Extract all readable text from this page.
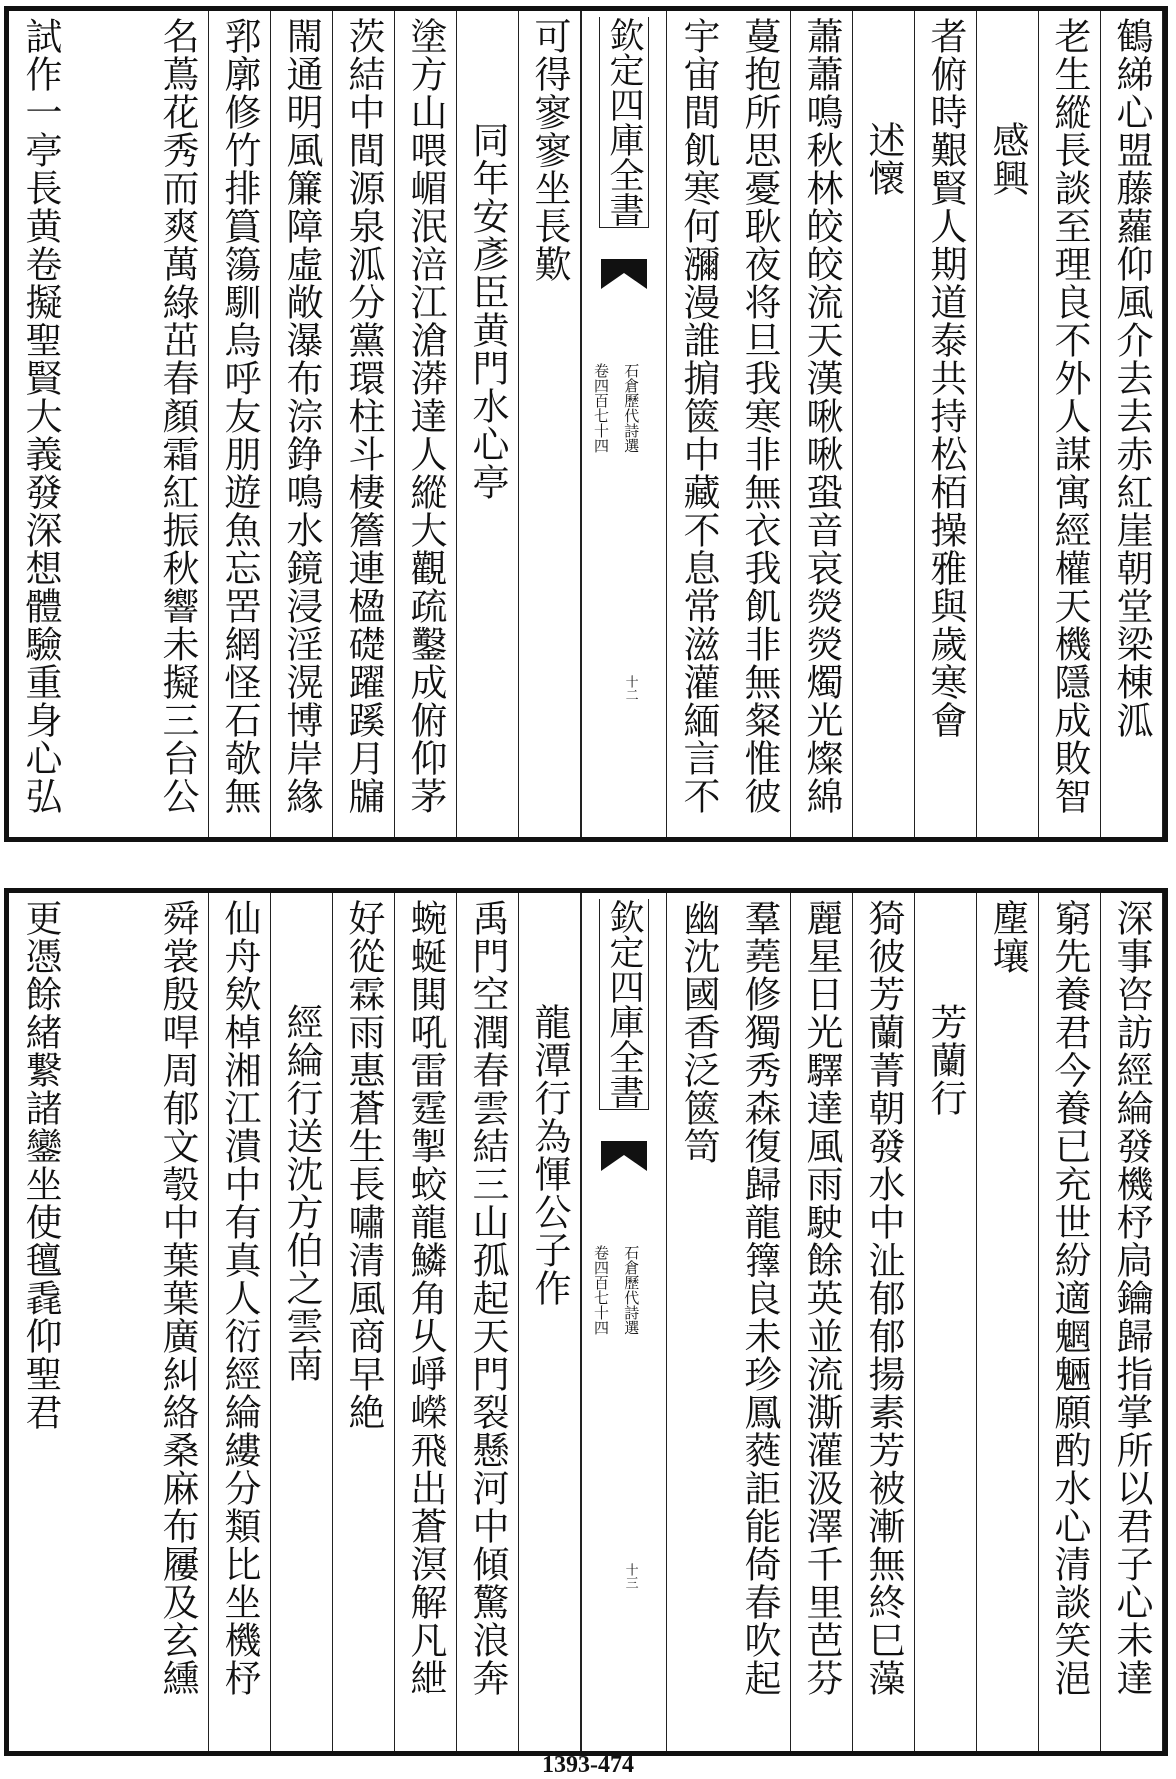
鶴綈心盟藤蘿仰風介去去赤紅崖朝堂梁棟泒
老生縱長談至理良不外人謀寓經權天機隱成敗智
感興
者俯時艱賢人期道泰共持松栢操雅與歲寒會
述懷
蕭蕭鳴秋林皎皎流天漢啾啾蛩音哀熒熒燭光燦綿
蔓抱所思憂耿夜将旦我寒非無衣我飢非無粲惟彼
宇宙間飢寒何瀰漫誰掮篋中藏不息常滋灌緬言不
欽定四庫全書
石倉歷代詩選
卷四百七十四
十二
可得寥寥坐長歎
同年安彥臣黄門水心亭
塗方山喂嵋泯涪江滄漭達人縱大觀疏鑿成俯仰茅
茨結中間源泉泒分黨環柱斗棲簷連楹礎躍蹊月牖
閙通明風簾障虛敞瀑布淙錚鳴水鏡浸淫滉博岸緣
郛廓修竹排篔簜馴烏呼友朋遊魚忘罟網怪石欹無
名蔦花秀而爽萬綠茁春顏霜紅振秋響未擬三台公
試作一亭長黄卷擬聖賢大義發深想體驗重身心弘
深事咨訪經綸發機杼扃鑰歸指掌所以君子心未達
窮先養君今養已充世紛適魍魎願酌水心清談笑浥
塵壤
芳蘭行
猗彼芳蘭菁朝發水中沚郁郁揚素芳被漸無終巳藻
麗星日光驛達風雨駛餘英並流澌灌汲澤千里芭芬
羣蕘修獨秀森復歸龍籜良未珍鳳蕤詎能倚春吹起
幽沈國香泛篋笥
欽定四庫全書
石倉歷代詩選
卷四百七十四
十三
龍潭行為惲公子作
禹門空潤春雲結三山孤起天門裂懸河中傾驚浪奔
蜿蜒閧吼雷霆掣蛟龍鱗角乆崢嶸飛出蒼溟解凡紲
好從霖雨惠蒼生長嘯清風商早絶
經綸行送沈方伯之雲南
仙舟欸棹湘江潰中有真人衍經綸縷分類比坐機杼
舜裳殷哻周郁文彀中葉葉廣糾絡桑麻布屨及玄纁
更憑餘緒繋諸鑾坐使氊毳仰聖君
1393-474
